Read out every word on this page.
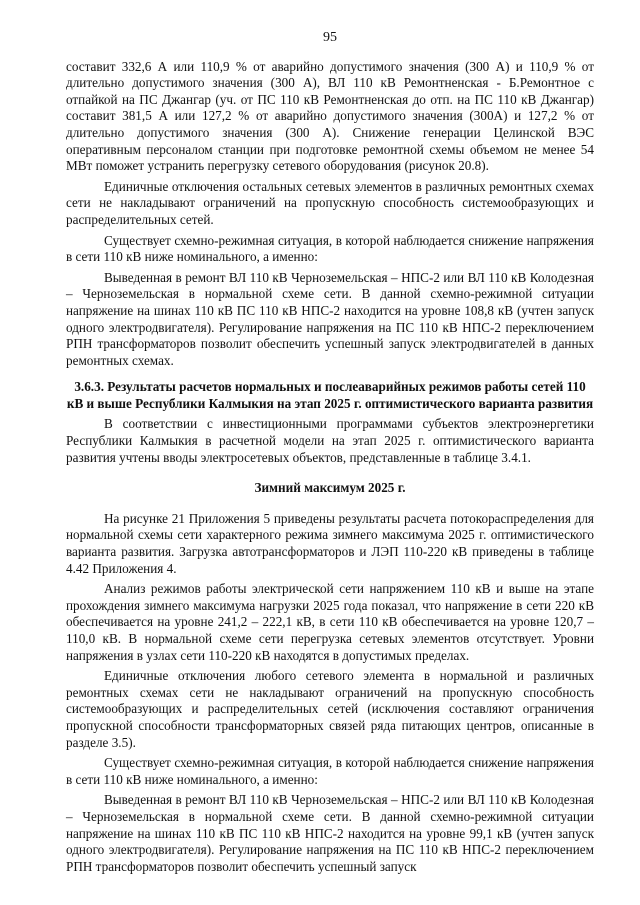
95

составит 332,6 А или 110,9 % от аварийно допустимого значения (300 А) и 110,9 % от длительно допустимого значения (300 А), ВЛ 110 кВ Ремонтненская - Б.Ремонтное с отпайкой на ПС Джангар (уч. от ПС 110 кВ Ремонтненская до отп. на ПС 110 кВ Джангар) составит 381,5 А или 127,2 % от аварийно допустимого значения (300А) и 127,2 % от длительно допустимого значения (300 А). Снижение генерации Целинской ВЭС оперативным персоналом станции при подготовке ремонтной схемы объемом не менее 54 МВт поможет устранить перегрузку сетевого оборудования (рисунок 20.8).

Единичные отключения остальных сетевых элементов в различных ремонтных схемах сети не накладывают ограничений на пропускную способность системообразующих и распределительных сетей.

Существует схемно-режимная ситуация, в которой наблюдается снижение напряжения в сети 110 кВ ниже номинального, а именно:

Выведенная в ремонт ВЛ 110 кВ Черноземельская – НПС-2 или ВЛ 110 кВ Колодезная – Черноземельская в нормальной схеме сети. В данной схемно-режимной ситуации напряжение на шинах 110 кВ ПС 110 кВ НПС-2 находится на уровне 108,8 кВ (учтен запуск одного электродвигателя). Регулирование напряжения на ПС 110 кВ НПС-2 переключением РПН трансформаторов позволит обеспечить успешный запуск электродвигателей в данных ремонтных схемах.

3.6.3. Результаты расчетов нормальных и послеаварийных режимов работы сетей 110 кВ и выше Республики Калмыкия на этап 2025 г. оптимистического варианта развития

В соответствии с инвестиционными программами субъектов электроэнергетики Республики Калмыкия в расчетной модели на этап 2025 г. оптимистического варианта развития учтены вводы электросетевых объектов, представленные в таблице 3.4.1.

Зимний максимум 2025 г.

На рисунке 21 Приложения 5 приведены результаты расчета потокораспределения для нормальной схемы сети характерного режима зимнего максимума 2025 г. оптимистического варианта развития. Загрузка автотрансформаторов и ЛЭП 110-220 кВ приведены в таблице 4.42 Приложения 4.

Анализ режимов работы электрической сети напряжением 110 кВ и выше на этапе прохождения зимнего максимума нагрузки 2025 года показал, что напряжение в сети 220 кВ обеспечивается на уровне 241,2 – 222,1 кВ, в сети 110 кВ обеспечивается на уровне 120,7 – 110,0 кВ. В нормальной схеме сети перегрузка сетевых элементов отсутствует. Уровни напряжения в узлах сети 110-220 кВ находятся в допустимых пределах.

Единичные отключения любого сетевого элемента в нормальной и различных ремонтных схемах сети не накладывают ограничений на пропускную способность системообразующих и распределительных сетей (исключения составляют ограничения пропускной способности трансформаторных связей ряда питающих центров, описанные в разделе 3.5).

Существует схемно-режимная ситуация, в которой наблюдается снижение напряжения в сети 110 кВ ниже номинального, а именно:

Выведенная в ремонт ВЛ 110 кВ Черноземельская – НПС-2 или ВЛ 110 кВ Колодезная – Черноземельская в нормальной схеме сети. В данной схемно-режимной ситуации напряжение на шинах 110 кВ ПС 110 кВ НПС-2 находится на уровне 99,1 кВ (учтен запуск одного электродвигателя). Регулирование напряжения на ПС 110 кВ НПС-2 переключением РПН трансформаторов позволит обеспечить успешный запуск
